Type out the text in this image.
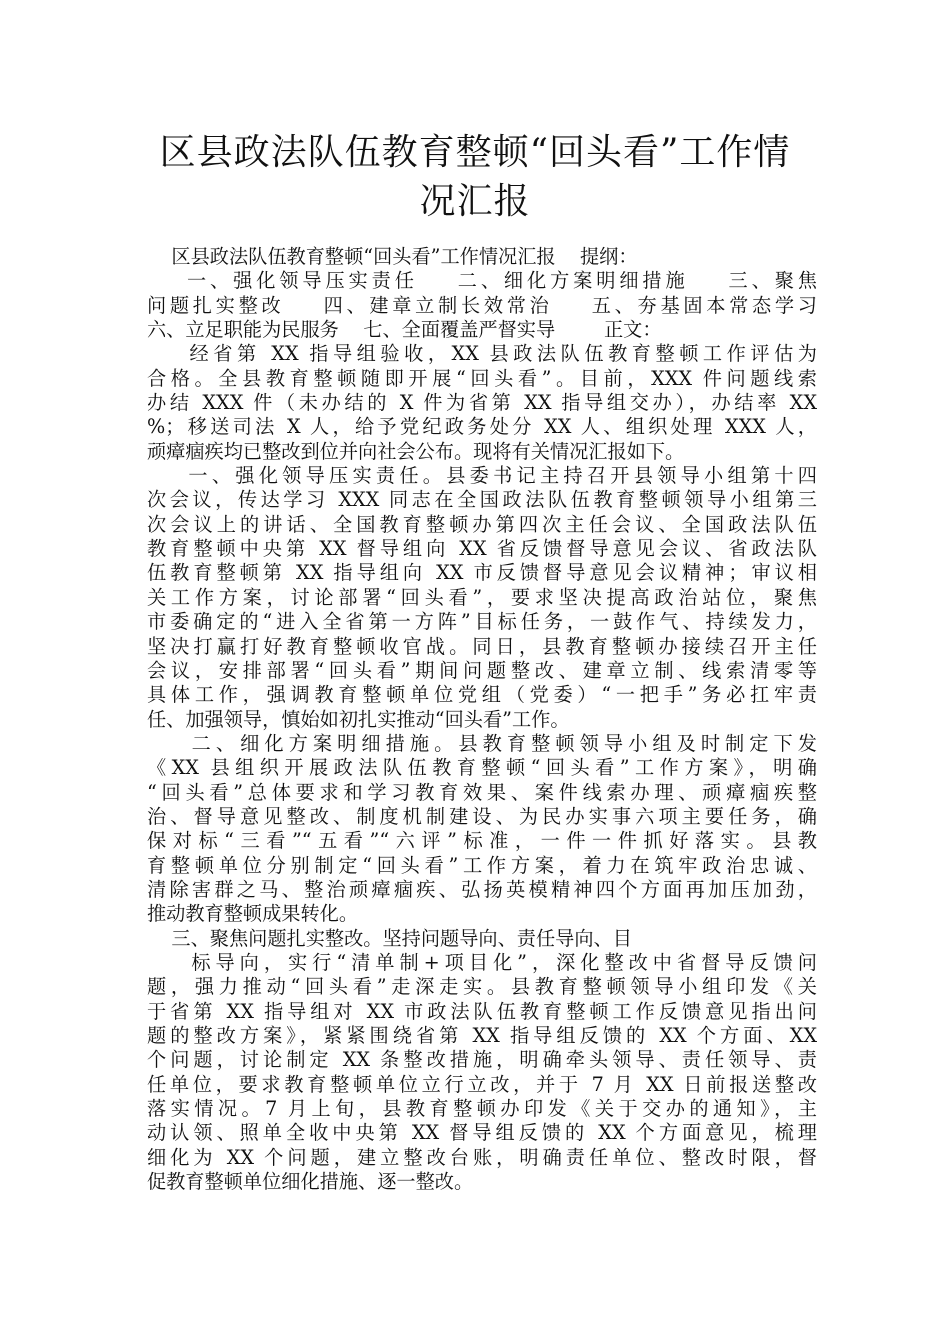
区县政法队伍教育整顿“回头看”工作情
况汇报
区县政法队伍教育整顿“回头看”工作情况汇报    提纲：
一、强化领导压实责任    二、细化方案明细措施    三、聚焦
问题扎实整改    四、建章立制长效常治    五、夯基固本常态学习
六、立足职能为民服务    七、全面覆盖严督实导        正文：
经省第 XX 指导组验收，XX 县政法队伍教育整顿工作评估为
合格。全县教育整顿随即开展“回头看”。目前，XXX 件问题线索
办结 XXX 件（未办结的 X 件为省第 XX 指导组交办），办结率 XX
%；移送司法 X 人，给予党纪政务处分 XX 人、组织处理 XXX 人，
顽瘴痼疾均已整改到位并向社会公布。现将有关情况汇报如下。
一、强化领导压实责任。县委书记主持召开县领导小组第十四
次会议，传达学习 XXX 同志在全国政法队伍教育整顿领导小组第三
次会议上的讲话、全国教育整顿办第四次主任会议、全国政法队伍
教育整顿中央第 XX 督导组向 XX 省反馈督导意见会议、省政法队
伍教育整顿第 XX 指导组向 XX 市反馈督导意见会议精神；审议相
关工作方案，讨论部署“回头看”，要求坚决提高政治站位，聚焦
市委确定的“进入全省第一方阵”目标任务，一鼓作气、持续发力，
坚决打赢打好教育整顿收官战。同日，县教育整顿办接续召开主任
会议，安排部署“回头看”期间问题整改、建章立制、线索清零等
具体工作，强调教育整顿单位党组（党委）“一把手”务必扛牢责
任、加强领导，慎始如初扎实推动“回头看”工作。
二、细化方案明细措施。县教育整顿领导小组及时制定下发
《XX 县组织开展政法队伍教育整顿“回头看”工作方案》，明确
“回头看”总体要求和学习教育效果、案件线索办理、顽瘴痼疾整
治、督导意见整改、制度机制建设、为民办实事六项主要任务，确
保对标“三看”“五看”“六评”标准，一件一件抓好落实。县教
育整顿单位分别制定“回头看”工作方案，着力在筑牢政治忠诚、
清除害群之马、整治顽瘴痼疾、弘扬英模精神四个方面再加压加劲，
推动教育整顿成果转化。
三、聚焦问题扎实整改。坚持问题导向、责任导向、目
标导向，实行“清单制+项目化”，深化整改中省督导反馈问
题，强力推动“回头看”走深走实。县教育整顿领导小组印发《关
于省第 XX 指导组对 XX 市政法队伍教育整顿工作反馈意见指出问
题的整改方案》，紧紧围绕省第 XX 指导组反馈的 XX 个方面、XX
个问题，讨论制定 XX 条整改措施，明确牵头领导、责任领导、责
任单位，要求教育整顿单位立行立改，并于 7 月 XX 日前报送整改
落实情况。7 月上旬，县教育整顿办印发《关于交办的通知》，主
动认领、照单全收中央第 XX 督导组反馈的 XX 个方面意见，梳理
细化为 XX 个问题，建立整改台账，明确责任单位、整改时限，督
促教育整顿单位细化措施、逐一整改。
